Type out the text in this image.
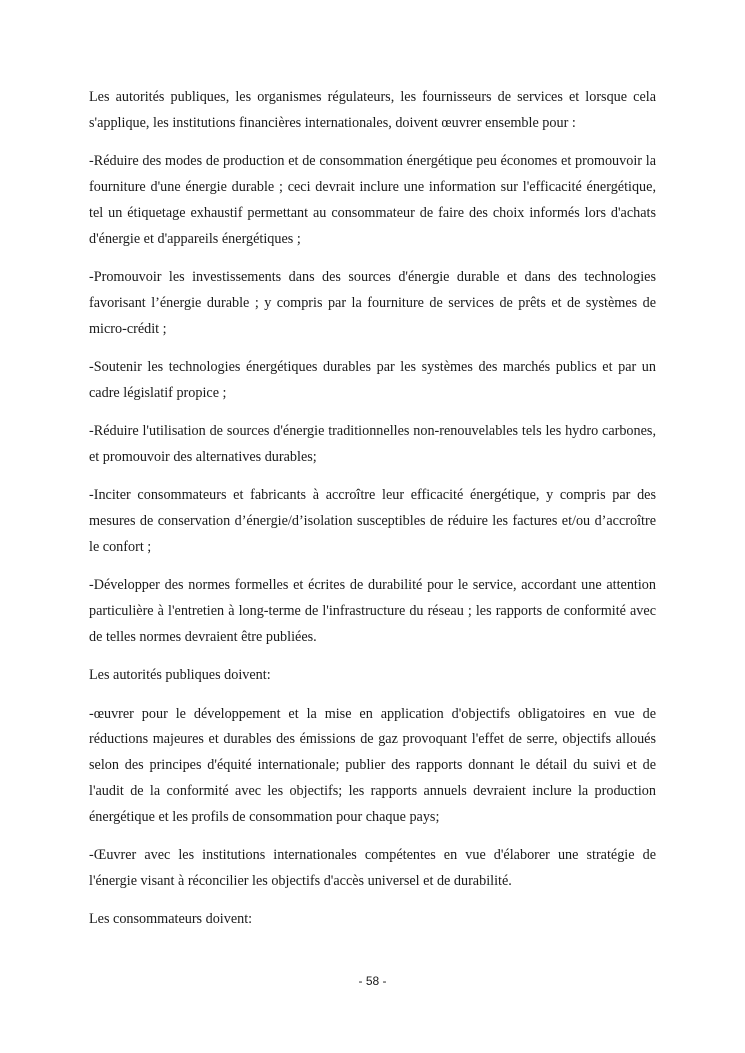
Les autorités publiques, les organismes régulateurs, les fournisseurs de services et lorsque cela s'applique, les institutions financières internationales, doivent œuvrer ensemble pour :

-Réduire des modes de production et de consommation énergétique peu économes et promouvoir la fourniture d'une énergie durable ; ceci devrait inclure une information sur l'efficacité énergétique, tel un étiquetage exhaustif permettant au consommateur de faire des choix informés lors d'achats d'énergie et d'appareils énergétiques ;

-Promouvoir les investissements dans des sources d'énergie durable et dans des technologies favorisant l’énergie durable ; y compris par la fourniture de services de prêts et de systèmes de micro-crédit ;

-Soutenir les technologies énergétiques durables par les systèmes des marchés publics et par un cadre législatif propice ;

-Réduire l'utilisation de sources d'énergie traditionnelles non-renouvelables tels les hydro carbones, et promouvoir des alternatives durables;

-Inciter consommateurs et fabricants à accroître leur efficacité énergétique, y compris par des mesures de conservation d’énergie/d’isolation susceptibles de réduire les factures et/ou d’accroître le confort ;

-Développer des normes formelles et écrites de durabilité pour le service, accordant une attention particulière à l'entretien à long-terme de l'infrastructure du réseau ; les rapports de conformité avec de telles normes devraient être publiées.

Les autorités publiques doivent:

-œuvrer pour le développement et la mise en application d'objectifs obligatoires en vue de réductions majeures et durables des émissions de gaz provoquant l'effet de serre, objectifs alloués selon des principes d'équité internationale; publier des rapports donnant le détail du suivi et de l'audit de la conformité avec les objectifs; les rapports annuels devraient inclure la production énergétique et les profils de consommation pour chaque pays;

-Œuvrer avec les institutions internationales compétentes en vue d'élaborer une stratégie de l'énergie visant à réconcilier les objectifs d'accès universel et de durabilité.

Les consommateurs doivent:

- 58 -
